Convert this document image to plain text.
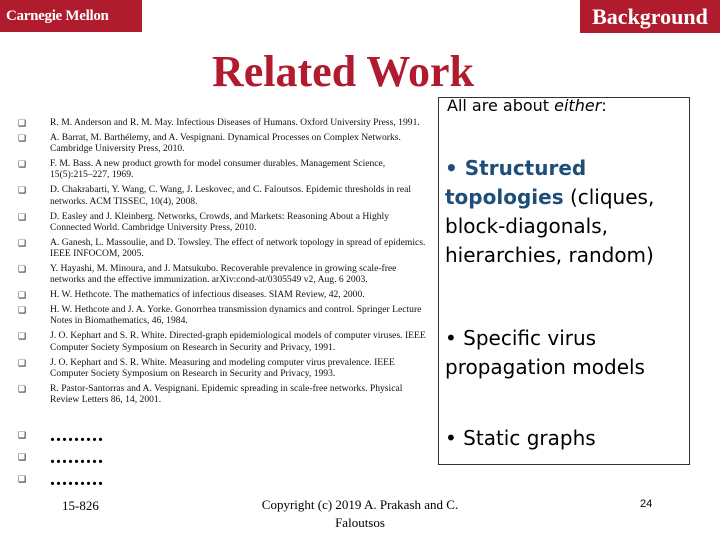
Carnegie Mellon	Background
Related Work
❑ R. M. Anderson and R. M. May. Infectious Diseases of Humans. Oxford University Press, 1991.
❑ A. Barrat, M. Barthélemy, and A. Vespignani. Dynamical Processes on Complex Networks. Cambridge University Press, 2010.
❑ F. M. Bass. A new product growth for model consumer durables. Management Science, 15(5):215–227, 1969.
❑ D. Chakrabarti, Y. Wang, C. Wang, J. Leskovec, and C. Faloutsos. Epidemic thresholds in real networks. ACM TISSEC, 10(4), 2008.
❑ D. Easley and J. Kleinberg. Networks, Crowds, and Markets: Reasoning About a Highly Connected World. Cambridge University Press, 2010.
❑ A. Ganesh, L. Massoulie, and D. Towsley. The effect of network topology in spread of epidemics. IEEE INFOCOM, 2005.
❑ Y. Hayashi, M. Minoura, and J. Matsukubo. Recoverable prevalence in growing scale-free networks and the effective immunization. arXiv:cond-at/0305549 v2, Aug. 6 2003.
❑ H. W. Hethcote. The mathematics of infectious diseases. SIAM Review, 42, 2000.
❑ H. W. Hethcote and J. A. Yorke. Gonorrhea transmission dynamics and control. Springer Lecture Notes in Biomathematics, 46, 1984.
❑ J. O. Kephart and S. R. White. Directed-graph epidemiological models of computer viruses. IEEE Computer Society Symposium on Research in Security and Privacy, 1991.
❑ J. O. Kephart and S. R. White. Measuring and modeling computer virus prevalence. IEEE Computer Society Symposium on Research in Security and Privacy, 1993.
❑ R. Pastor-Santorras and A. Vespignani. Epidemic spreading in scale-free networks. Physical Review Letters 86, 14, 2001.
❑ .........
❑ .........
❑ .........
All are about either:
• Structured topologies (cliques, block-diagonals, hierarchies, random)
• Specific virus propagation models
• Static graphs
15-826	Copyright (c) 2019 A. Prakash and C. Faloutsos
24
